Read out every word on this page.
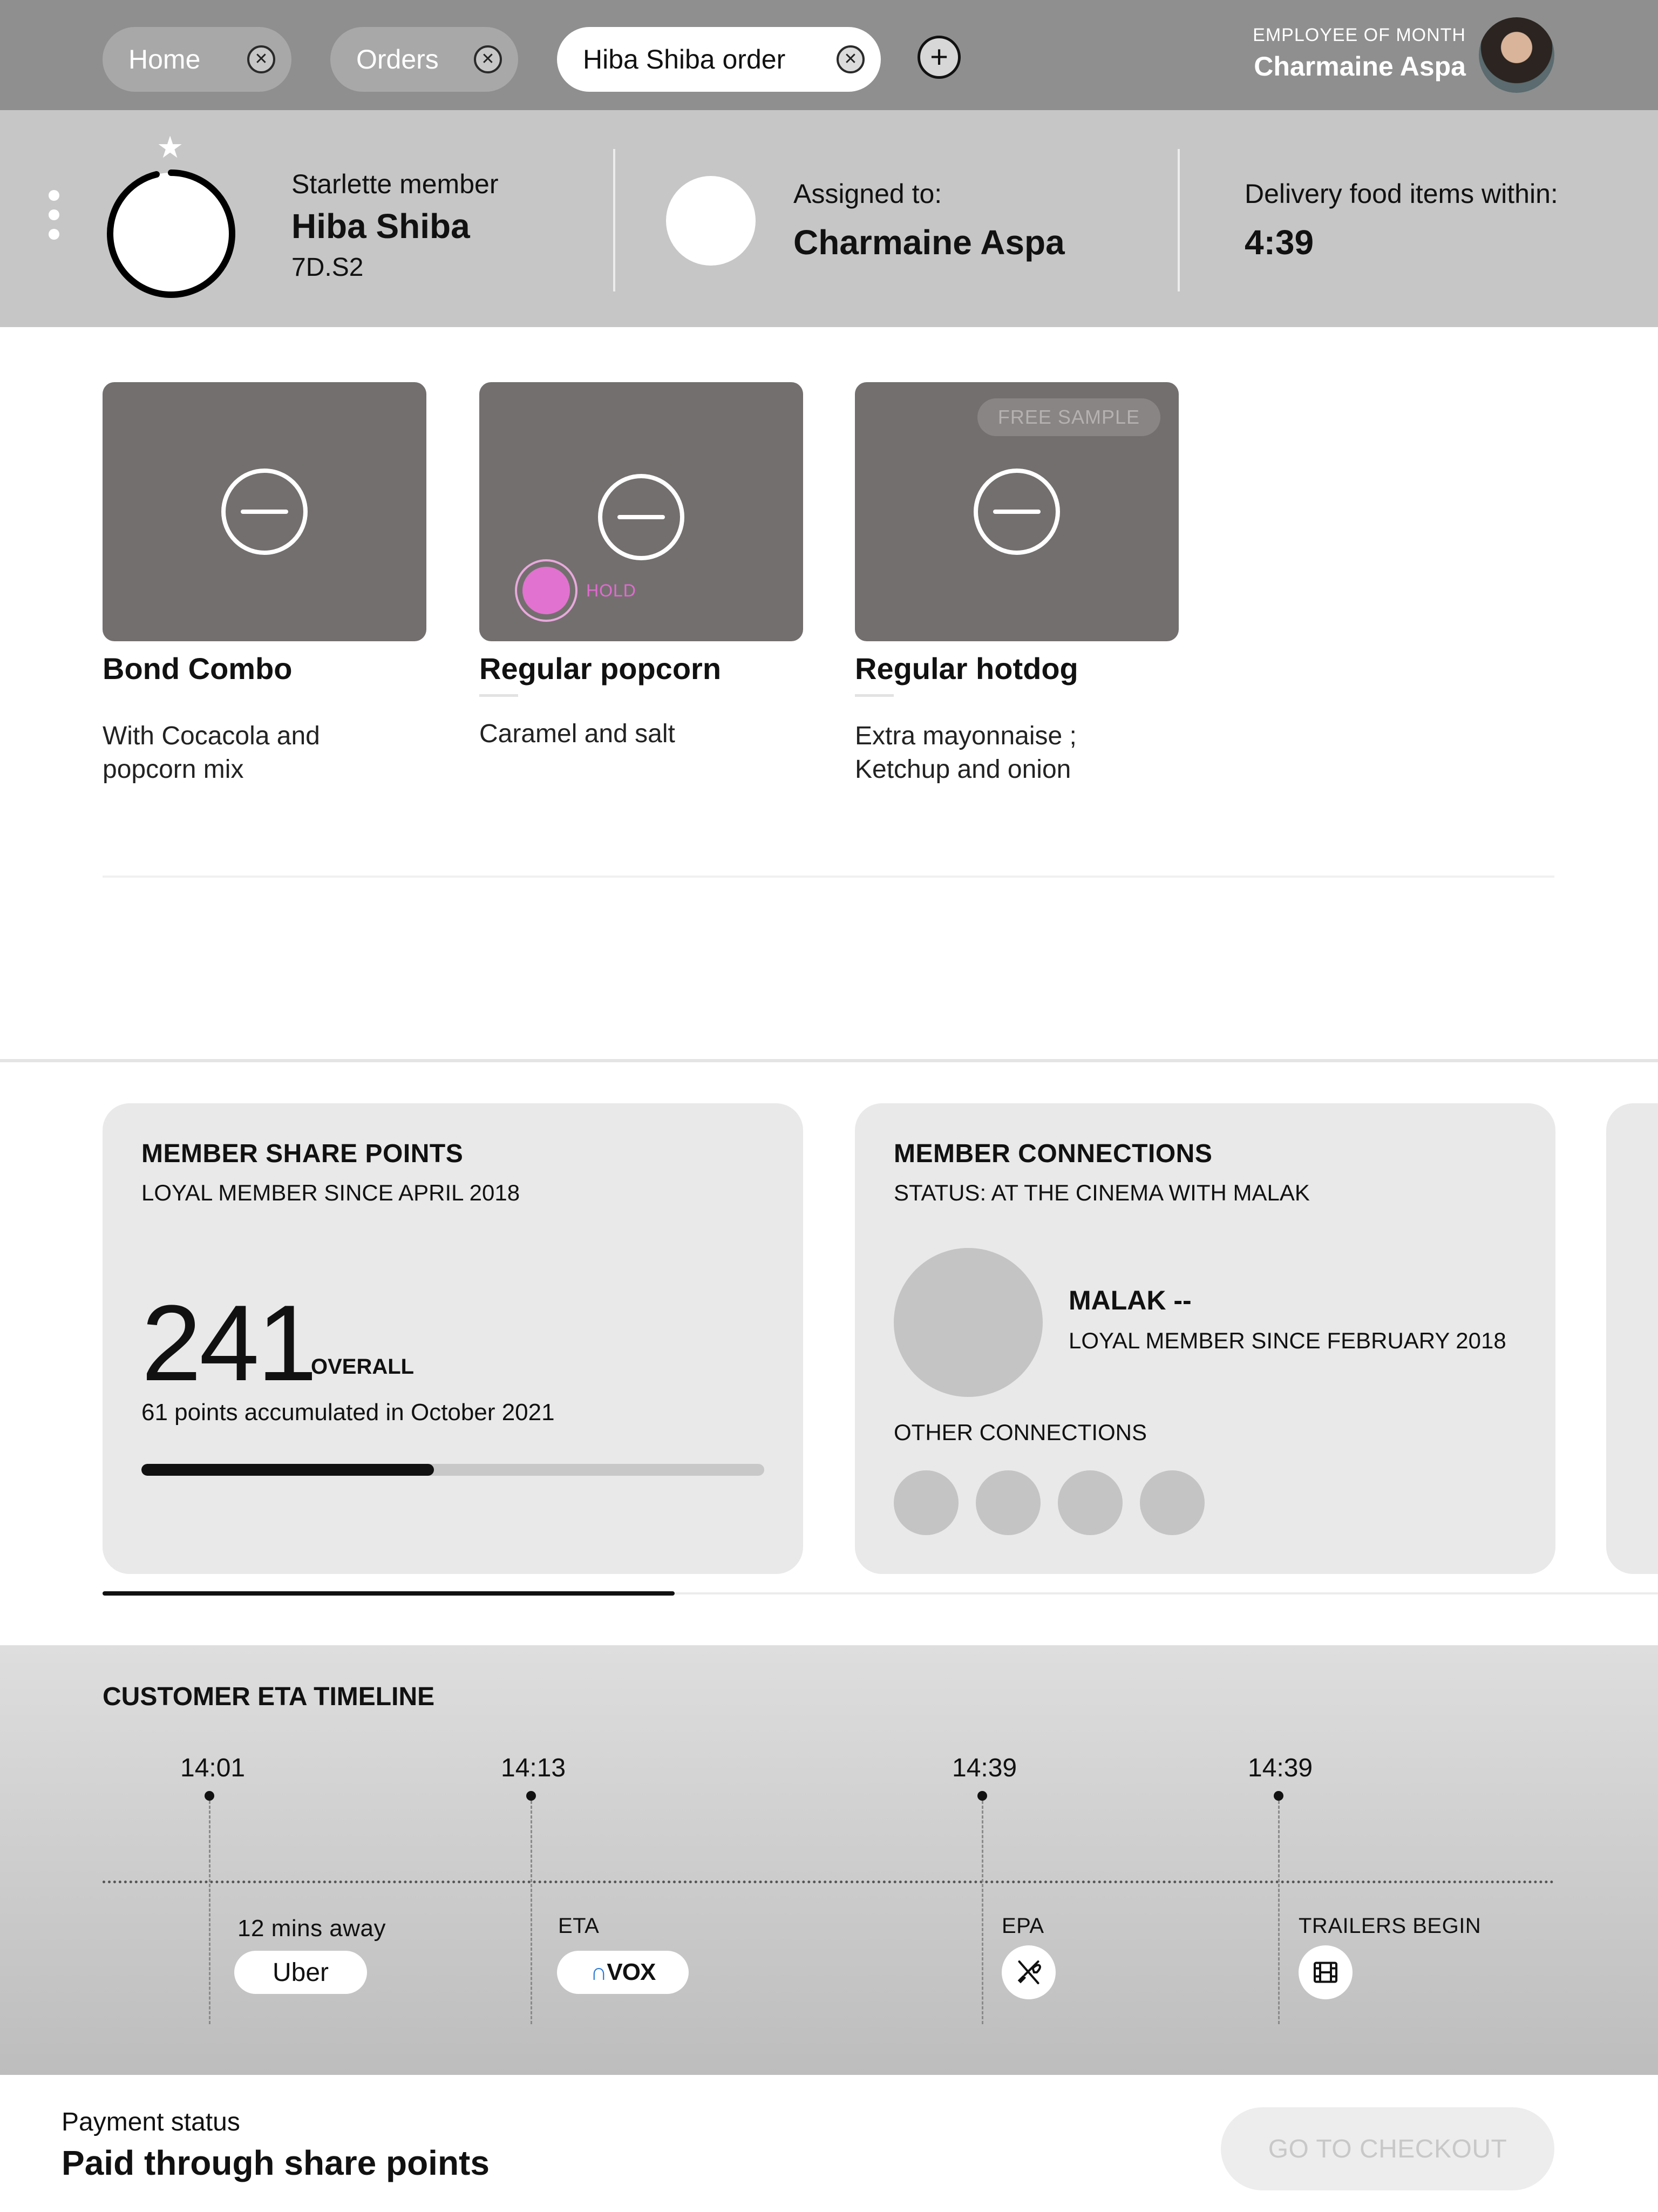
Home	✕	Orders	✕	Hiba Shiba order	✕	+
EMPLOYEE OF MONTH
Charmaine Aspa
★
Starlette member
Hiba Shiba
7D.S2
Assigned to:
Charmaine Aspa
Delivery food items within:
4:39
Bond Combo
With Cocacola and
popcorn mix
HOLD
Regular popcorn
Caramel and salt
FREE SAMPLE
Regular hotdog
Extra mayonnaise ;
Ketchup and onion
MEMBER SHARE POINTS
LOYAL MEMBER SINCE APRIL 2018
241
OVERALL
61 points accumulated in October 2021
MEMBER CONNECTIONS
STATUS: AT THE CINEMA WITH MALAK
MALAK --
LOYAL MEMBER SINCE FEBRUARY 2018
OTHER CONNECTIONS
CUSTOMER ETA TIMELINE
14:01
12 mins away
Uber
14:13
ETA
∩VOX
14:39
EPA
14:39
TRAILERS BEGIN
Payment status
Paid through share points	GO TO CHECKOUT
